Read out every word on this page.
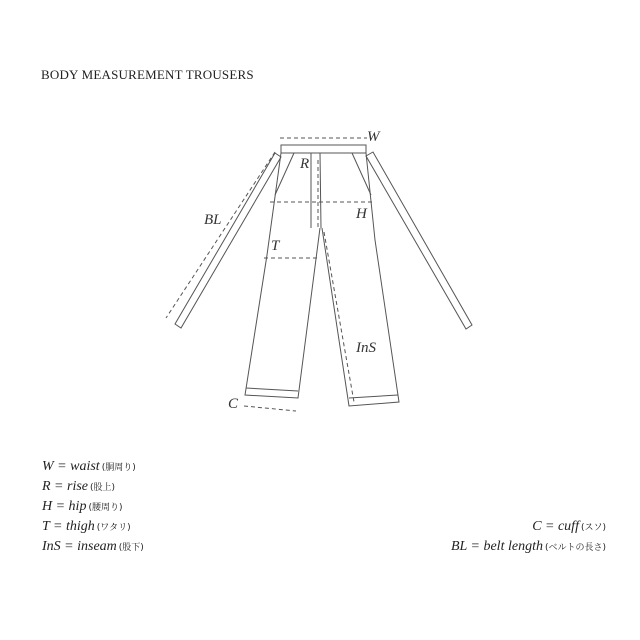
BODY MEASUREMENT TROUSERS
W
R
H
BL
T
InS
C
W = waist (胴周り)
R = rise (股上)
H = hip (腰周り)
T = thigh (ワタリ)
InS = inseam (股下)
C = cuff (スソ)
BL = belt length (ベルトの長さ)
